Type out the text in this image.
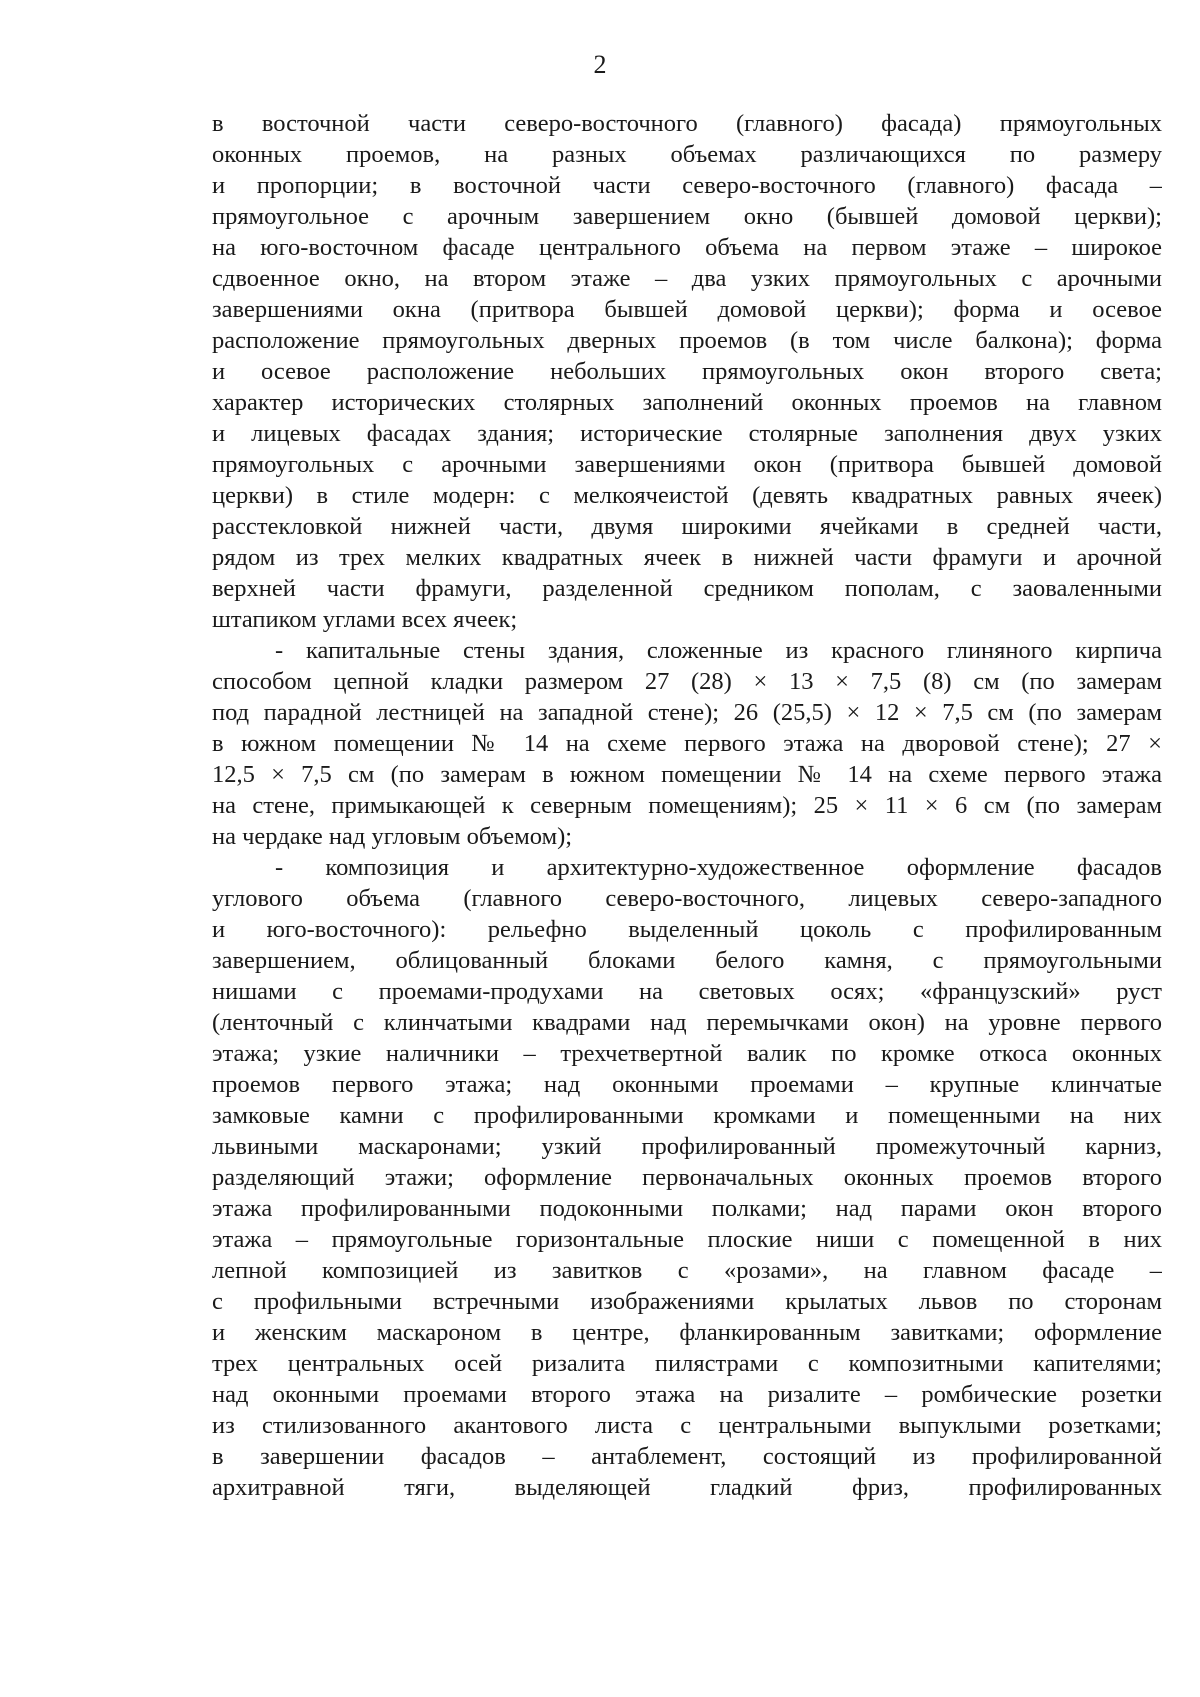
2
в восточной части северо-восточного (главного) фасада) прямоугольных
оконных проемов, на разных объемах различающихся по размеру
и пропорции; в восточной части северо-восточного (главного) фасада –
прямоугольное с арочным завершением окно (бывшей домовой церкви);
на юго-восточном фасаде центрального объема на первом этаже – широкое
сдвоенное окно, на втором этаже – два узких прямоугольных с арочными
завершениями окна (притвора бывшей домовой церкви); форма и осевое
расположение прямоугольных дверных проемов (в том числе балкона); форма
и осевое расположение небольших прямоугольных окон второго света;
характер исторических столярных заполнений оконных проемов на главном
и лицевых фасадах здания; исторические столярные заполнения двух узких
прямоугольных с арочными завершениями окон (притвора бывшей домовой
церкви) в стиле модерн: с мелкоячеистой (девять квадратных равных ячеек)
расстекловкой нижней части, двумя широкими ячейками в средней части,
рядом из трех мелких квадратных ячеек в нижней части фрамуги и арочной
верхней части фрамуги, разделенной средником пополам, с заоваленными
штапиком углами всех ячеек;
- капитальные стены здания, сложенные из красного глиняного кирпича
способом цепной кладки размером 27 (28) × 13 × 7,5 (8) см (по замерам
под парадной лестницей на западной стене); 26 (25,5) × 12 × 7,5 см (по замерам
в южном помещении № 14 на схеме первого этажа на дворовой стене); 27 ×
12,5 × 7,5 см (по замерам в южном помещении № 14 на схеме первого этажа
на стене, примыкающей к северным помещениям); 25 × 11 × 6 см (по замерам
на чердаке над угловым объемом);
- композиция и архитектурно-художественное оформление фасадов
углового объема (главного северо-восточного, лицевых северо-западного
и юго-восточного): рельефно выделенный цоколь с профилированным
завершением, облицованный блоками белого камня, с прямоугольными
нишами с проемами-продухами на световых осях; «французский» руст
(ленточный с клинчатыми квадрами над перемычками окон) на уровне первого
этажа; узкие наличники – трехчетвертной валик по кромке откоса оконных
проемов первого этажа; над оконными проемами – крупные клинчатые
замковые камни с профилированными кромками и помещенными на них
львиными маскаронами; узкий профилированный промежуточный карниз,
разделяющий этажи; оформление первоначальных оконных проемов второго
этажа профилированными подоконными полками; над парами окон второго
этажа – прямоугольные горизонтальные плоские ниши с помещенной в них
лепной композицией из завитков с «розами», на главном фасаде –
с профильными встречными изображениями крылатых львов по сторонам
и женским маскароном в центре, фланкированным завитками; оформление
трех центральных осей ризалита пилястрами с композитными капителями;
над оконными проемами второго этажа на ризалите – ромбические розетки
из стилизованного акантового листа с центральными выпуклыми розетками;
в завершении фасадов – антаблемент, состоящий из профилированной
архитравной тяги, выделяющей гладкий фриз, профилированных
